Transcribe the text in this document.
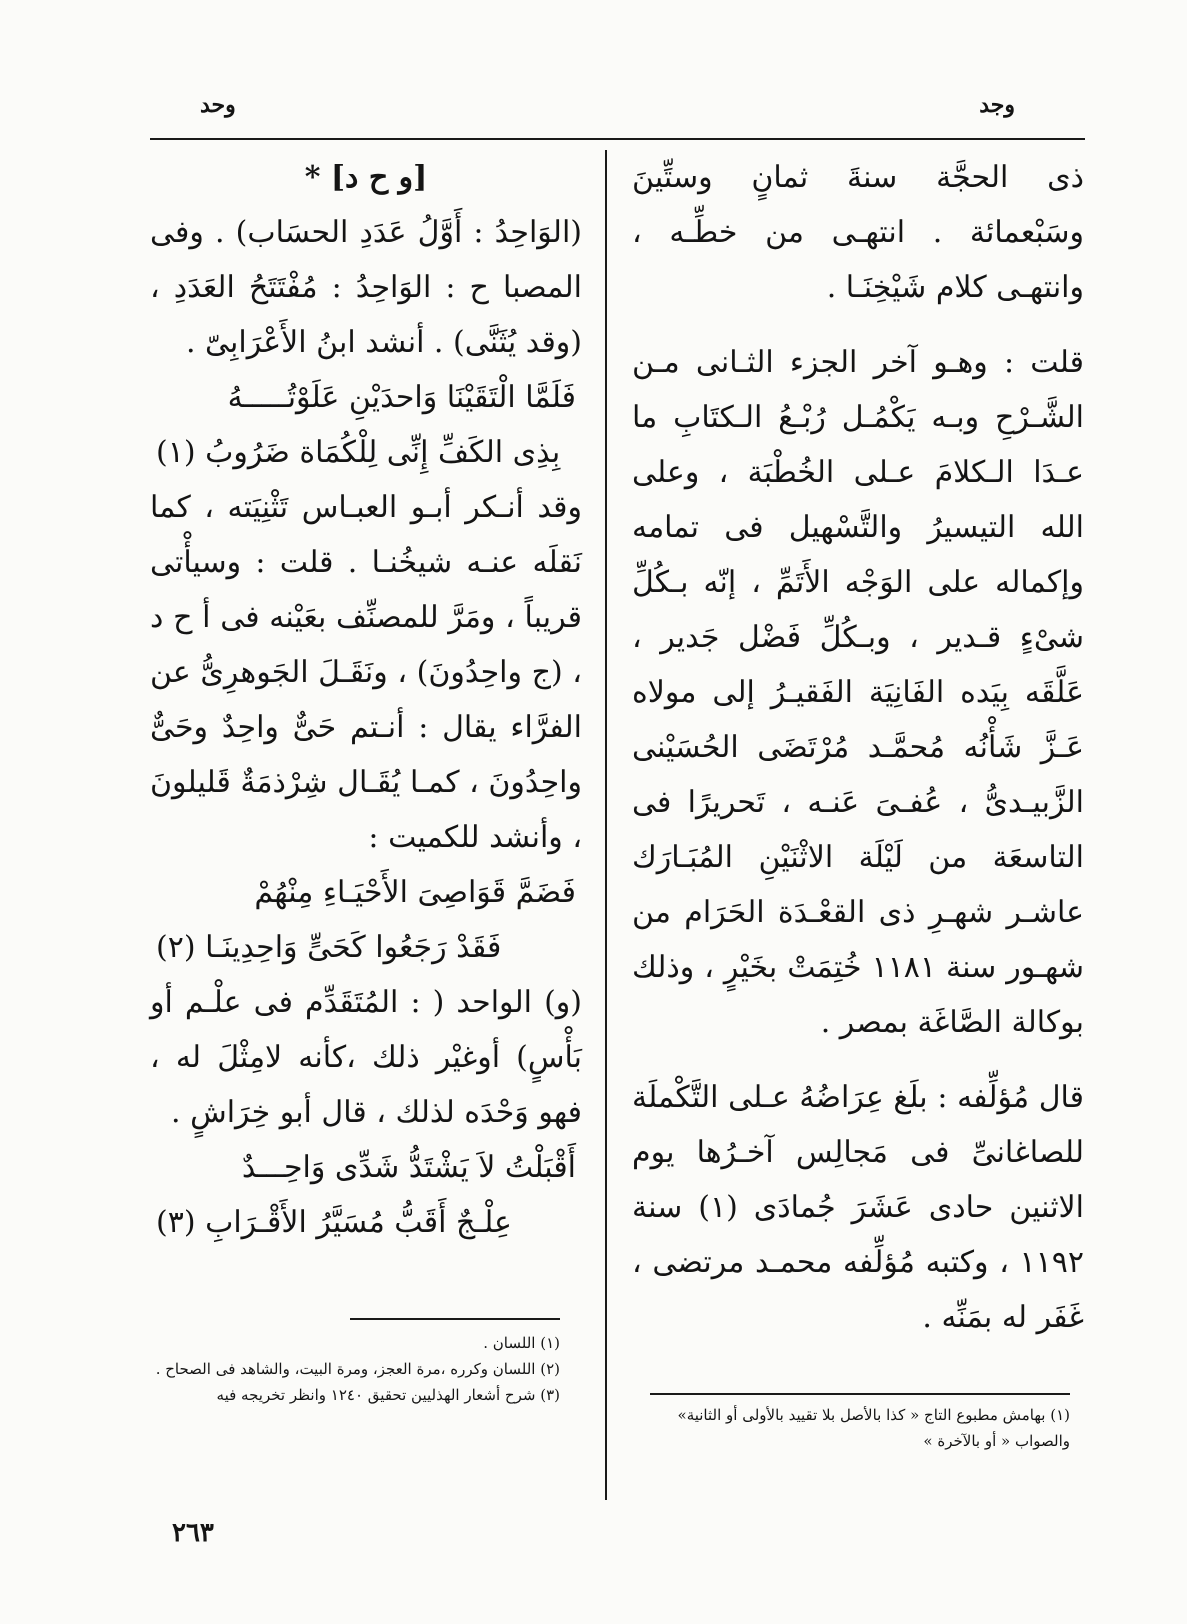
وجد
وحد

ذى الحجَّة سنةَ ثمانٍ وستِّينَ وسَبْعمائة . انتهـى من خطِّـه ، وانتهـى كلام شَيْخِنَـا .

قلت : وهـو آخر الجزء الثـانى مـن الشَّـرْحِ وبـه يَكْمُـل رُبْـعُ الـكتَابِ ما عـدَا الـكلامَ عـلى الخُطْبَة ، وعلى الله التيسيرُ والتَّسْهيل فى تمامه وإكماله على الوَجْه الأَتَمِّ ، إنّه بـكُلِّ شىْءٍ قـدير ، وبـكُلِّ فَضْل جَدير ، عَلَّقَه بِيَده الفَانِيَة الفَقيـرُ إلى مولاه عَـزَّ شَأْنُه مُحمَّـد مُرْتَضَى الحُسَيْنى الزَّبيـدىُّ ، عُفـىَ عَنـه ، تَحريرًا فى التاسعَة من لَيْلَة الاثْنَيْنِ المُبَـارَك عاشـر شهـرِ ذى القعْـدَة الحَرَام من شهـور سنة ١١٨١ خُتِمَتْ بخَيْرٍ ، وذلك بوكالة الصَّاغَة بمصر .

قال مُؤلِّفه : بلَغ عِرَاضُهُ عـلى التَّكْملَة للصاغانىِّ فى مَجالِس آخـرُها يوم الاثنين حادى عَشَرَ جُمادَى (١) سنة ١١٩٢ ، وكتبه مُؤلِّفه محمـد مرتضى ، غَفَر له بمَنِّه .

[و ح د] *

(الوَاحِدُ : أَوَّلُ عَدَدِ الحسَاب) . وفى المصبا ح : الوَاحِدُ : مُفْتَتَحُ العَدَدِ ، (وقد يُثَنَّى) . أنشد ابنُ الأَعْرَابِىّ .

فَلَمَّا الْتَقَيْنَا وَاحدَيْنِ عَلَوْتُـــــهُ

بِذِى الكَفِّ إِنِّى لِلْكُمَاة ضَرُوبُ (١)

وقد أنـكر أبـو العبـاس تَثْنِيَته ، كما نَقلَه عنـه شيخُنـا . قلت : وسيأْتى قريباً ، ومَرَّ للمصنِّف بعَيْنه فى أ ح د ، (ج واحِدُونَ) ، ونَقَـلَ الجَوهرِىُّ عن الفرَّاء يقال : أنـتم حَىٌّ واحِدٌ وحَىٌّ واحِدُونَ ، كمـا يُقَـال شِرْذمَةٌ قَليلونَ ، وأنشد للكميت :

فَضَمَّ قَوَاصِىَ الأَحْيَـاءِ مِنْهُمْ

فَقَدْ رَجَعُوا كَحَىٍّ وَاحِدِينَـا (٢)

(و) الواحد ( : المُتَقَدِّم فى علْـم أو بَأْسٍ) أوغيْر ذلك ،كأنه لامِثْلَ له ، فهو وَحْدَه لذلك ، قال أبو خِرَاشٍ .

أَقْبَلْتُ لاَ يَشْتَدُّ شَدِّى وَاحِـــدٌ

عِلْـجٌ أَقَبُّ مُسَيَّرُ الأَقْـرَابِ (٣)

(١) بهامش مطبوع التاج « كذا بالأصل بلا تقييد بالأولى أو الثانية» والصواب « أو بالآخرة »

(١) اللسان .

(٢) اللسان وكرره ،مرة العجز، ومرة البيت، والشاهد فى الصحاح .

(٣) شرح أشعار الهذليين تحقيق ١٢٤٠ وانظر تخريجه فيه

٢٦٣
